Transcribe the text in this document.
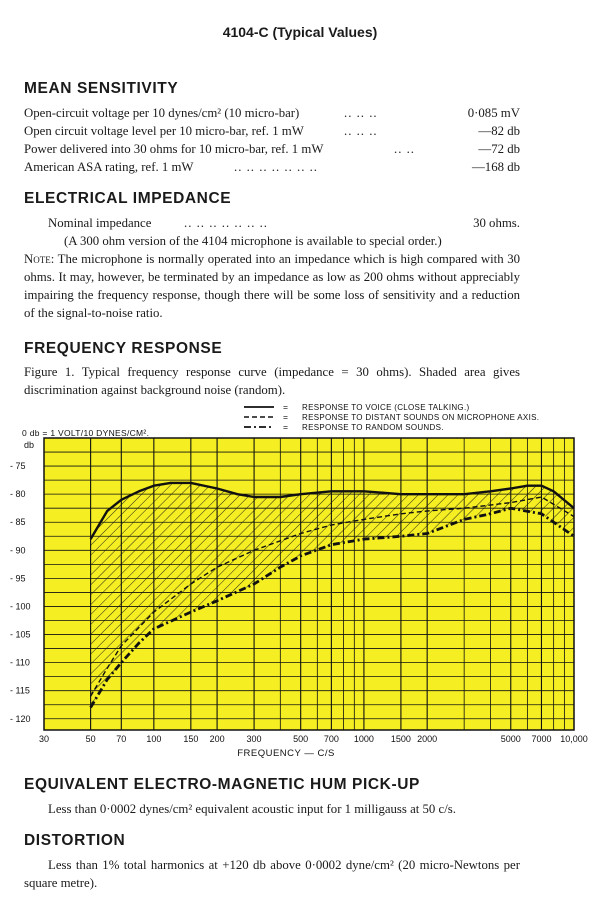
4104-C (Typical Values)
MEAN SENSITIVITY
Open-circuit voltage per 10 dynes/cm² (10 micro-bar)	.. .. ..	0·085 mV
Open circuit voltage level per 10 micro-bar, ref. 1 mW	.. .. ..	—82 db
Power delivered into 30 ohms for 10 micro-bar, ref. 1 mW	.. ..	—72 db
American ASA rating, ref. 1 mW	.. .. .. .. .. .. ..	—168 db
ELECTRICAL IMPEDANCE
Nominal impedance	.. .. .. .. .. .. ..	30 ohms.
(A 300 ohm version of the 4104 microphone is available to special order.)
Note: The microphone is normally operated into an impedance which is high compared with 30 ohms. It may, however, be terminated by an impedance as low as 200 ohms without appreciably impairing the frequency response, though there will be some loss of sensitivity and a reduction of the signal-to-noise ratio.
FREQUENCY RESPONSE
Figure 1. Typical frequency response curve (impedance = 30 ohms). Shaded area gives discrimination against background noise (random).
= RESPONSE TO VOICE (CLOSE TALKING.)
= RESPONSE TO DISTANT SOUNDS ON MICROPHONE AXIS.
= RESPONSE TO RANDOM SOUNDS.
0 db = 1 VOLT/10 DYNES/CM².
db
- 75
- 80
- 85
- 90
- 95
- 100
- 105
- 110
- 115
- 120
30	50 70 100 150 200 300	500 700 1000 1500 2000	5000 7000 10,000
FREQUENCY — C/S
EQUIVALENT ELECTRO-MAGNETIC HUM PICK-UP
Less than 0·0002 dynes/cm² equivalent acoustic input for 1 milligauss at 50 c/s.
DISTORTION
Less than 1% total harmonics at +120 db above 0·0002 dyne/cm² (20 micro-Newtons per square metre).
